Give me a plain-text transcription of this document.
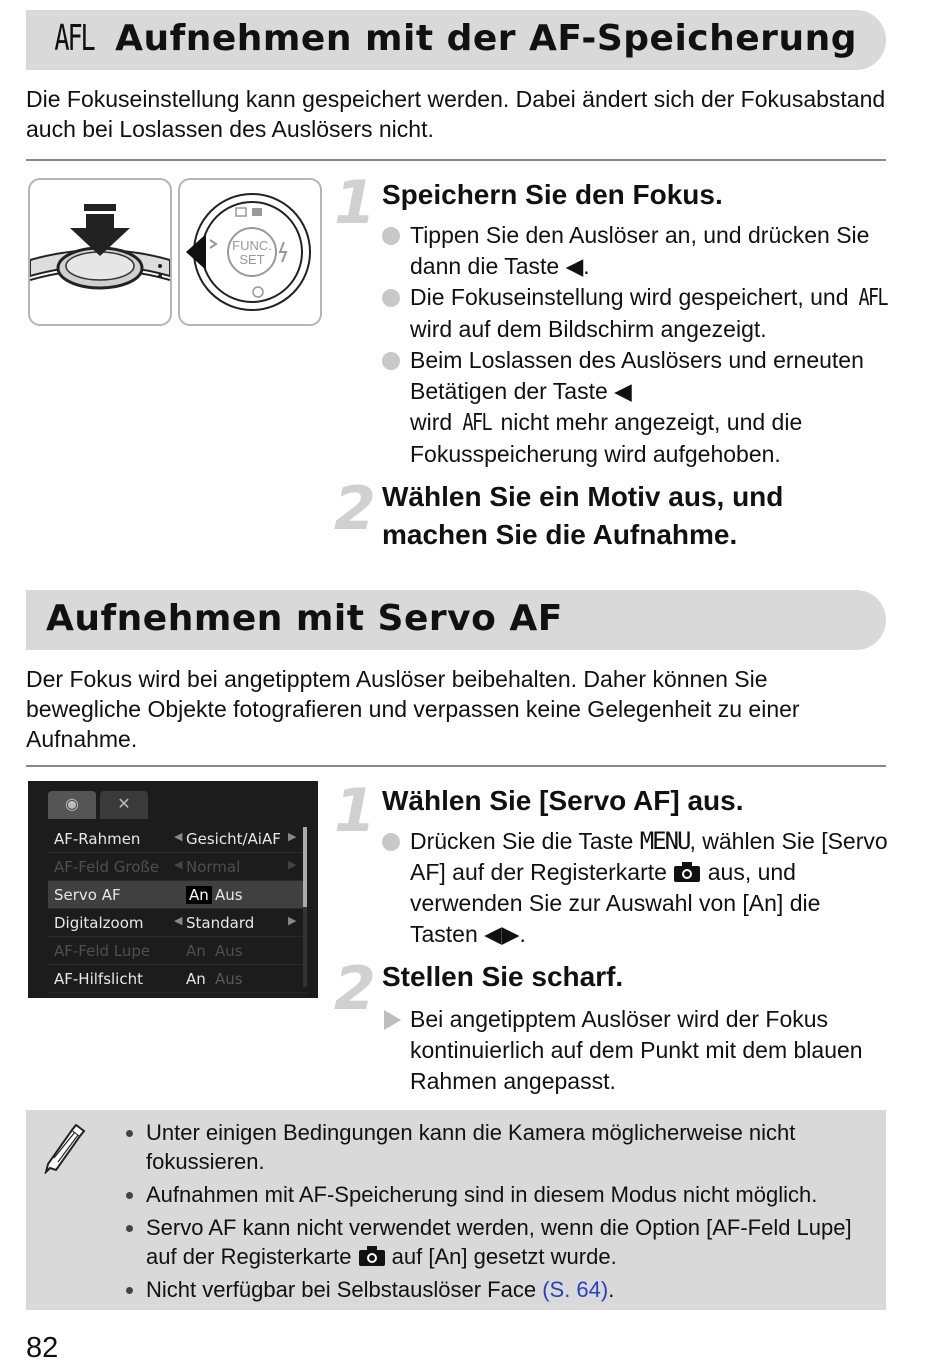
AFL Aufnehmen mit der AF-Speicherung
Die Fokuseinstellung kann gespeichert werden. Dabei ändert sich der Fokusabstand auch bei Loslassen des Auslösers nicht.
FUNC.
SET
1 Speichern Sie den Fokus.
Tippen Sie den Auslöser an, und drücken Sie dann die Taste ◀.
Die Fokuseinstellung wird gespeichert, und AFL wird auf dem Bildschirm angezeigt.
Beim Loslassen des Auslösers und erneuten Betätigen der Taste ◀
wird AFL nicht mehr angezeigt, und die Fokusspeicherung wird aufgehoben.
2 Wählen Sie ein Motiv aus, und machen Sie die Aufnahme.
Aufnehmen mit Servo AF
Der Fokus wird bei angetipptem Auslöser beibehalten. Daher können Sie bewegliche Objekte fotografieren und verpassen keine Gelegenheit zu einer Aufnahme.
◉	✕
AF-Rahmen	◀ Gesicht/AiAF ▶
AF-Feld Große ◀ Normal	▶
Servo AF	An Aus
Digitalzoom	◀ Standard	▶
AF-Feld Lupe An Aus
AF-Hilfslicht	An Aus
1 Wählen Sie [Servo AF] aus.
Drücken Sie die Taste MENU, wählen Sie [Servo AF] auf der Registerkarte  aus, und verwenden Sie zur Auswahl von [An] die Tasten ◀▶.
2 Stellen Sie scharf.
Bei angetipptem Auslöser wird der Fokus kontinuierlich auf dem Punkt mit dem blauen Rahmen angepasst.
Unter einigen Bedingungen kann die Kamera möglicherweise nicht fokussieren.
Aufnahmen mit AF-Speicherung sind in diesem Modus nicht möglich.
Servo AF kann nicht verwendet werden, wenn die Option [AF-Feld Lupe] auf der Registerkarte  auf [An] gesetzt wurde.
Nicht verfügbar bei Selbstauslöser Face (S. 64).
82
